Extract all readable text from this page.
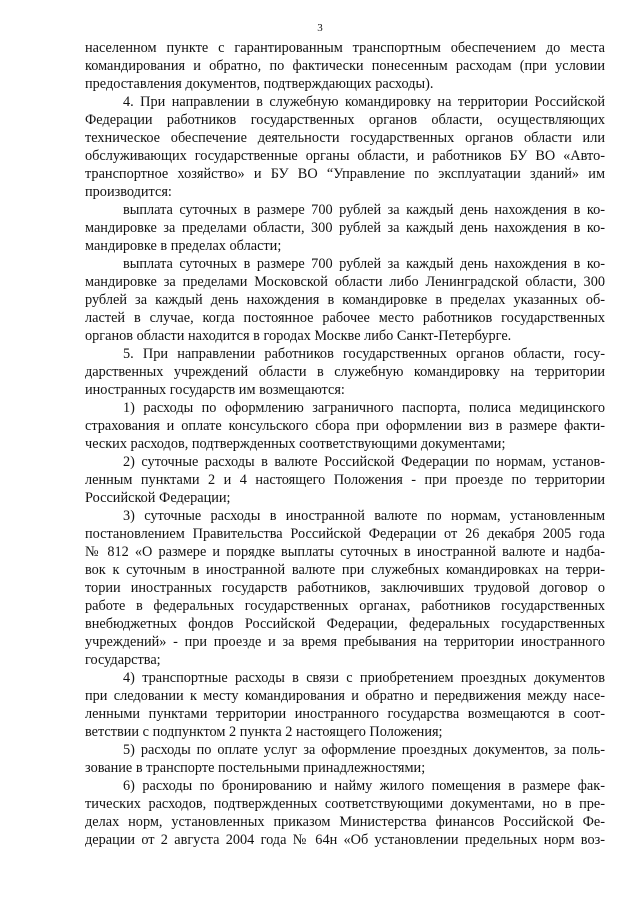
3
населенном пункте с гарантированным транспортным обеспечением до места
командирования и обратно, по фактически понесенным расходам (при условии
предоставления документов, подтверждающих расходы).
4. При направлении в служебную командировку на территории Российской
Федерации работников государственных органов области, осуществляющих
техническое обеспечение деятельности государственных органов области или
обслуживающих государственные органы области, и работников БУ ВО «Авто-
транспортное хозяйство» и БУ ВО “Управление по эксплуатации зданий» им
производится:
выплата суточных в размере 700 рублей за каждый день нахождения в ко-
мандировке за пределами области, 300 рублей за каждый день нахождения в ко-
мандировке в пределах области;
выплата суточных в размере 700 рублей за каждый день нахождения в ко-
мандировке за пределами Московской области либо Ленинградской области, 300
рублей за каждый день нахождения в командировке в пределах указанных об-
ластей в случае, когда постоянное рабочее место работников государственных
органов области находится в городах Москве либо Санкт-Петербурге.
5. При направлении работников государственных органов области, госу-
дарственных учреждений области в служебную командировку на территории
иностранных государств им возмещаются:
1) расходы по оформлению заграничного паспорта, полиса медицинского
страхования и оплате консульского сбора при оформлении виз в размере факти-
ческих расходов, подтвержденных соответствующими документами;
2) суточные расходы в валюте Российской Федерации по нормам, установ-
ленным пунктами 2 и 4 настоящего Положения - при проезде по территории
Российской Федерации;
3) суточные расходы в иностранной валюте по нормам, установленным
постановлением Правительства Российской Федерации от 26 декабря 2005 года
№ 812 «О размере и порядке выплаты суточных в иностранной валюте и надба-
вок к суточным в иностранной валюте при служебных командировках на терри-
тории иностранных государств работников, заключивших трудовой договор о
работе в федеральных государственных органах, работников государственных
внебюджетных фондов Российской Федерации, федеральных государственных
учреждений» - при проезде и за время пребывания на территории иностранного
государства;
4) транспортные расходы в связи с приобретением проездных документов
при следовании к месту командирования и обратно и передвижения между насе-
ленными пунктами территории иностранного государства возмещаются в соот-
ветствии с подпунктом 2 пункта 2 настоящего Положения;
5) расходы по оплате услуг за оформление проездных документов, за поль-
зование в транспорте постельными принадлежностями;
6) расходы по бронированию и найму жилого помещения в размере фак-
тических расходов, подтвержденных соответствующими документами, но в пре-
делах норм, установленных приказом Министерства финансов Российской Фе-
дерации от 2 августа 2004 года № 64н «Об установлении предельных норм воз-
